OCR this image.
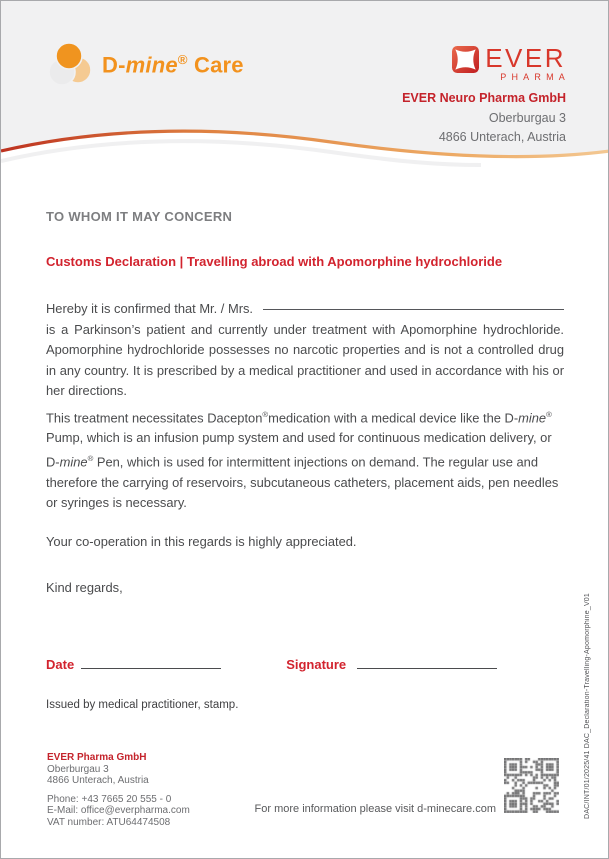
D-mine® Care	EVER
PHARMA
EVER Neuro Pharma GmbH
Oberburgau 3
4866 Unterach, Austria
TO WHOM IT MAY CONCERN
Customs Declaration | Travelling abroad with Apomorphine hydrochloride
Hereby it is confirmed that Mr. / Mrs.
is a Parkinson’s patient and currently under treatment with Apomorphine hydrochloride. Apomorphine hydrochloride possesses no narcotic properties and is not a controlled drug in any country. It is prescribed by a medical practitioner and used in accordance with his or her directions.
This treatment necessitates Dacepton®medication with a medical device like the D-mine® Pump, which is an infusion pump system and used for continuous medication delivery, or D-mine® Pen, which is used for intermittent injections on demand. The regular use and therefore the carrying of reservoirs, subcutaneous catheters, placement aids, pen needles or syringes is necessary.
Your co-operation in this regards is highly appreciated.
Kind regards,
Date	Signature
Issued by medical practitioner, stamp.
EVER Pharma GmbH
Oberburgau 3
4866 Unterach, Austria
Phone: +43 7665 20 555 - 0
E-Mail: office@everpharma.com
VAT number: ATU64474508
For more information please visit d-minecare.com	DAC/INT/01/2025/41 DAC_Declaration-Travelling-Apomorphine_V01
